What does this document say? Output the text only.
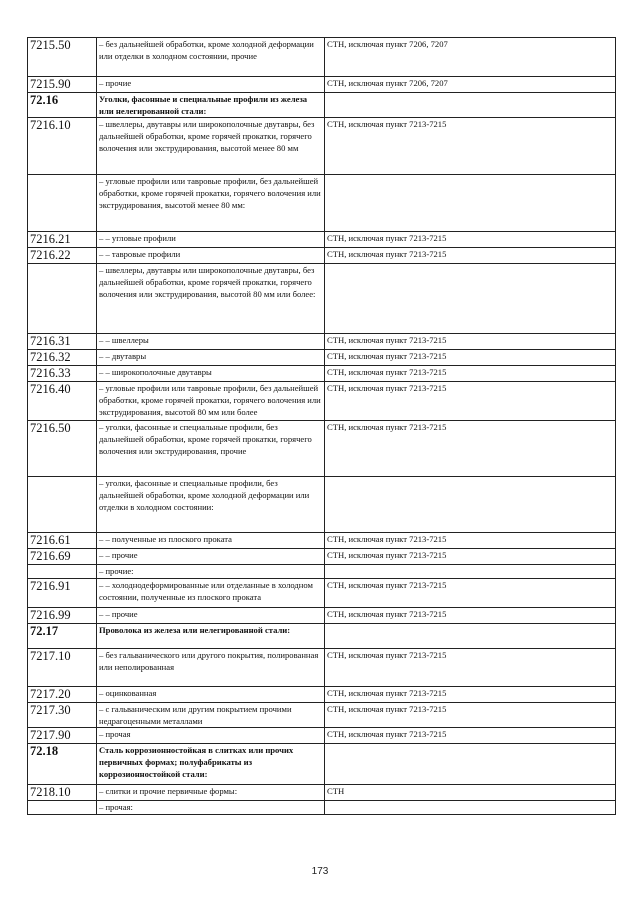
7215.50	– без дальнейшей обработки, кроме холодной деформации или отделки в холодном состоянии, прочие	СТН, исключая пункт 7206, 7207
7215.90	– прочие	СТН, исключая пункт 7206, 7207
72.16	Уголки, фасонные и специальные профили из железа или нелегированной стали:	
7216.10	– швеллеры, двутавры или широкополочные двутавры, без дальнейшей обработки, кроме горячей прокатки, горячего волочения или экструдирования, высотой менее 80 мм	СТН, исключая пункт 7213-7215
	– угловые профили или тавровые профили, без дальнейшей обработки, кроме горячей прокатки, горячего волочения или экструдирования, высотой менее 80 мм:	
7216.21	– – угловые профили	СТН, исключая пункт 7213-7215
7216.22	– – тавровые профили	СТН, исключая пункт 7213-7215
	– швеллеры, двутавры или широкополочные двутавры, без дальнейшей обработки, кроме горячей прокатки, горячего волочения или экструдирования, высотой 80 мм или более:	
7216.31	– – швеллеры	СТН, исключая пункт 7213-7215
7216.32	– – двутавры	СТН, исключая пункт 7213-7215
7216.33	– – широкополочные двутавры	СТН, исключая пункт 7213-7215
7216.40	– угловые профили или тавровые профили, без дальнейшей обработки, кроме горячей прокатки, горячего волочения или экструдирования, высотой 80 мм или более	СТН, исключая пункт 7213-7215
7216.50	– уголки, фасонные и специальные профили, без дальнейшей обработки, кроме горячей прокатки, горячего волочения или экструдирования, прочие	СТН, исключая пункт 7213-7215
	– уголки, фасонные и специальные профили, без дальнейшей обработки, кроме холодной деформации или отделки в холодном состоянии:	
7216.61	– – полученные из плоского проката	СТН, исключая пункт 7213-7215
7216.69	– – прочие	СТН, исключая пункт 7213-7215
	– прочие:	
7216.91	– – холоднодеформированные или отделанные в холодном состоянии, полученные из плоского проката	СТН, исключая пункт 7213-7215
7216.99	– – прочие	СТН, исключая пункт 7213-7215
72.17	Проволока из железа или нелегированной стали:	
7217.10	– без гальванического или другого покрытия, полированная или неполированная	СТН, исключая пункт 7213-7215
7217.20	– оцинкованная	СТН, исключая пункт 7213-7215
7217.30	– с гальваническим или другим покрытием прочими недрагоценными металлами	СТН, исключая пункт 7213-7215
7217.90	– прочая	СТН, исключая пункт 7213-7215
72.18	Сталь коррозионностойкая в слитках или прочих первичных формах; полуфабрикаты из коррозионностойкой стали:	
7218.10	– слитки и прочие первичные формы:	СТН
	– прочая:	
173
